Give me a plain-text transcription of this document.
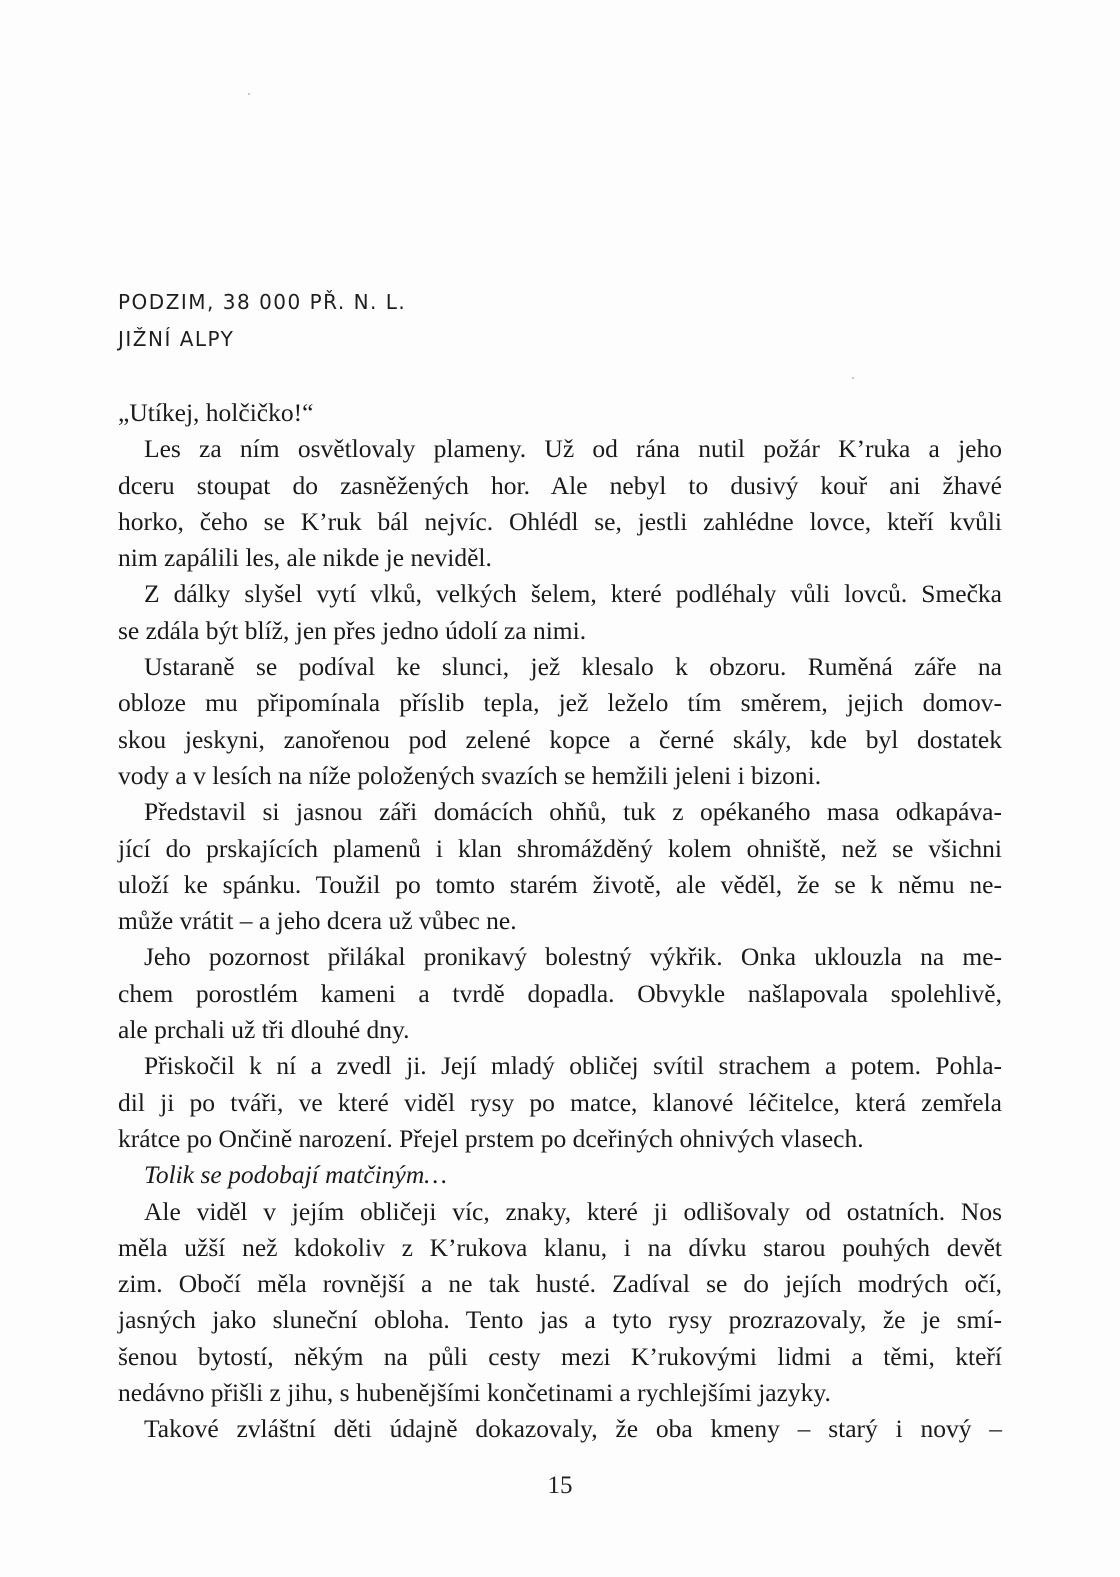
PODZIM, 38 000 PŘ. N. L.
JIŽNÍ ALPY

„Utíkej, holčičko!“

Les za ním osvětlovaly plameny. Už od rána nutil požár K’ruka a jeho
dceru stoupat do zasněžených hor. Ale nebyl to dusivý kouř ani žhavé
horko, čeho se K’ruk bál nejvíc. Ohlédl se, jestli zahlédne lovce, kteří kvůli
nim zapálili les, ale nikde je neviděl.

Z dálky slyšel vytí vlků, velkých šelem, které podléhaly vůli lovců. Smečka
se zdála být blíž, jen přes jedno údolí za nimi.

Ustaraně se podíval ke slunci, jež klesalo k obzoru. Ruměná záře na
obloze mu připomínala příslib tepla, jež leželo tím směrem, jejich domov-
skou jeskyni, zanořenou pod zelené kopce a černé skály, kde byl dostatek
vody a v lesích na níže položených svazích se hemžili jeleni i bizoni.

Představil si jasnou záři domácích ohňů, tuk z opékaného masa odkapáva-
jící do prskajících plamenů i klan shromážděný kolem ohniště, než se všichni
uloží ke spánku. Toužil po tomto starém životě, ale věděl, že se k němu ne-
může vrátit – a jeho dcera už vůbec ne.

Jeho pozornost přilákal pronikavý bolestný výkřik. Onka uklouzla na me-
chem porostlém kameni a tvrdě dopadla. Obvykle našlapovala spolehlivě,
ale prchali už tři dlouhé dny.

Přiskočil k ní a zvedl ji. Její mladý obličej svítil strachem a potem. Pohla-
dil ji po tváři, ve které viděl rysy po matce, klanové léčitelce, která zemřela
krátce po Ončině narození. Přejel prstem po dceřiných ohnivých vlasech.

Tolik se podobají matčiným…

Ale viděl v jejím obličeji víc, znaky, které ji odlišovaly od ostatních. Nos
měla užší než kdokoliv z K’rukova klanu, i na dívku starou pouhých devět
zim. Obočí měla rovnější a ne tak husté. Zadíval se do jejích modrých očí,
jasných jako sluneční obloha. Tento jas a tyto rysy prozrazovaly, že je smí-
šenou bytostí, někým na půli cesty mezi K’rukovými lidmi a těmi, kteří
nedávno přišli z jihu, s hubenějšími končetinami a rychlejšími jazyky.

Takové zvláštní děti údajně dokazovaly, že oba kmeny – starý i nový –

15
